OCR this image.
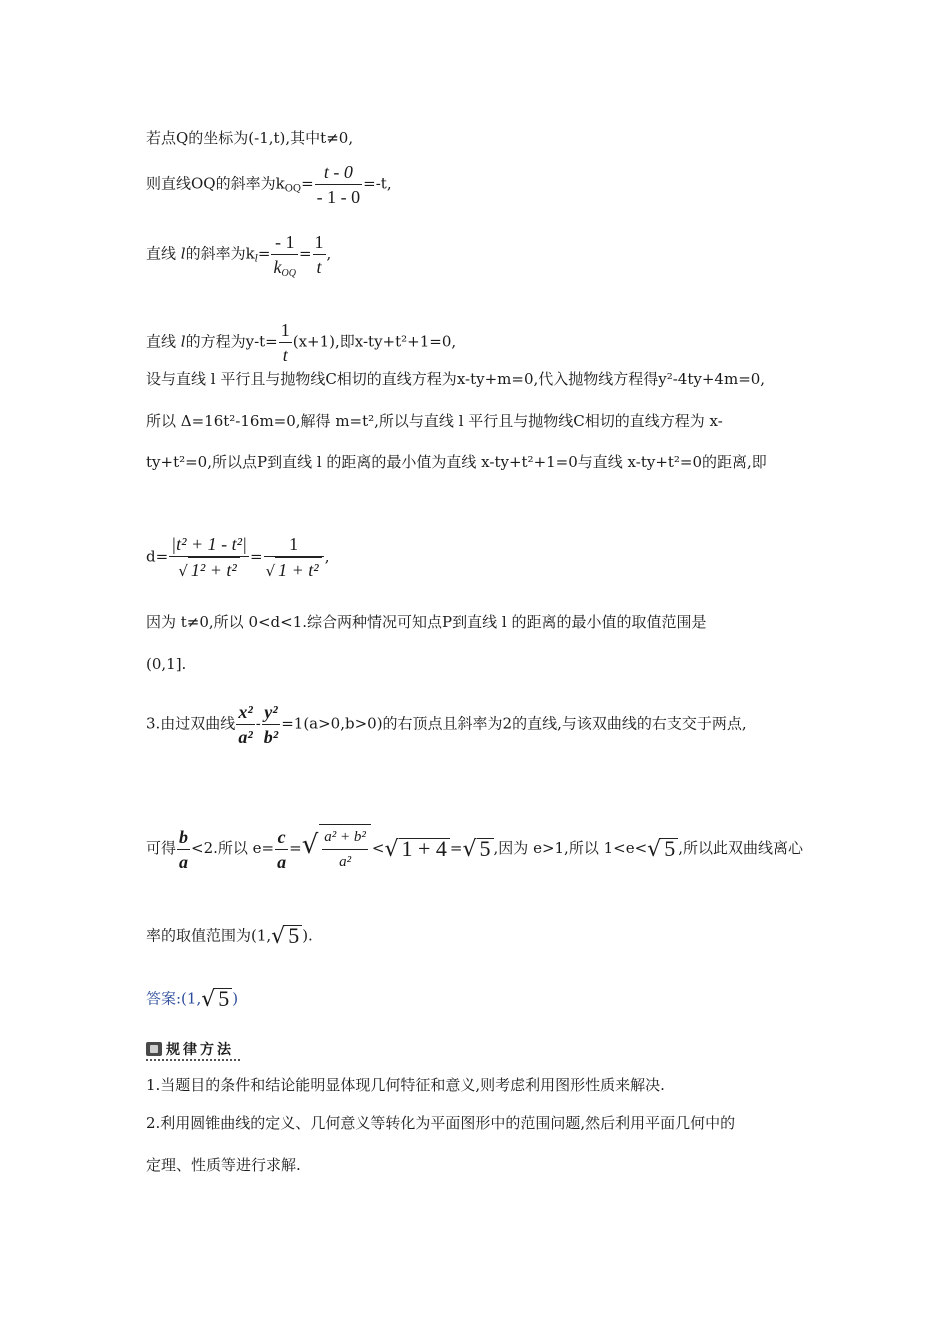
若点Q的坐标为(-1,t),其中t≠0,
则直线OQ的斜率为$k_{OQ}= \frac{t - 0}{- 1 - 0} =-t$,
直线 l的斜率为$k_l= \frac{- 1}{k_{OQ}} = \frac{1}{t}$ ,
直线 l的方程为$y-t= \frac{1}{t} (x+1)$,即x-ty+t²+1=0,
设与直线 l 平行且与抛物线C相切的直线方程为x-ty+m=0,代入抛物线方程得y²-4ty+4m=0,
所以 Δ=16t²-16m=0,解得 m=t²,所以与直线 l 平行且与抛物线C相切的直线方程为 x-
ty+t²=0,所以点P到直线 l 的距离的最小值为直线 x-ty+t²+1=0与直线 x-ty+t²=0的距离,即
$d= \frac{\text{|t² + 1 - t²|}}{\text{√ 1² + t²}} = \frac{1}{\text{√ 1 + t²}}$ ,
因为 t≠0,所以 0<d<1.综合两种情况可知点P到直线 l 的距离的最小值的取值范围是
(0,1].
3.由过双曲线 $\frac{\text{x²}}{\text{a²}} - \frac{\text{y²}}{\text{b²}} =1(a>0,b>0)$的右顶点且斜率为2的直线,与该双曲线的右支交于两点,
可得 $\frac{b}{a} <2$.所以 $e= \frac{c}{a}$ =√ $\frac{\text{a² + b²}}{\text{a²}}$ <√ 1 + 4 =√ 5 ,因为 e>1,所以 1<e<√ 5 ,所以此双曲线离心
率的取值范围为(1,√ 5 ).
答案:(1,√ 5 )
规律方法
1.当题目的条件和结论能明显体现几何特征和意义,则考虑利用图形性质来解决.
2.利用圆锥曲线的定义、几何意义等转化为平面图形中的范围问题,然后利用平面几何中的
定理、性质等进行求解.
